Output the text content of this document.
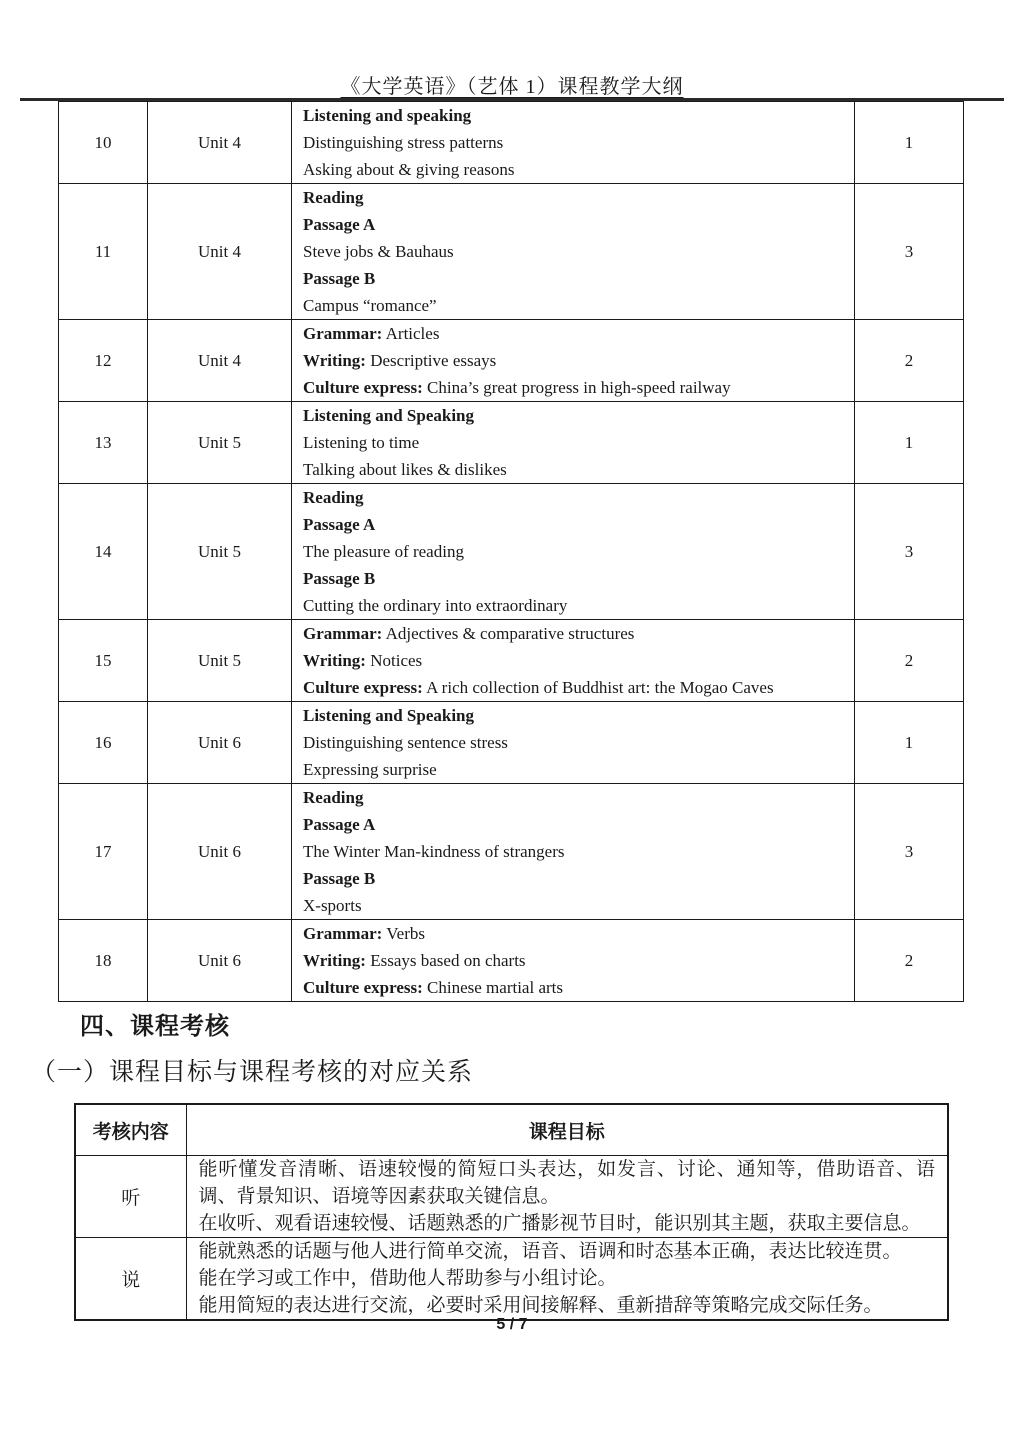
《大学英语》（艺体 1）课程教学大纲
10	Unit 4	Listening and speaking
Distinguishing stress patterns
Asking about & giving reasons	1
11	Unit 4	Reading
Passage A
Steve jobs & Bauhaus
Passage B
Campus “romance”	3
12	Unit 4	Grammar: Articles
Writing: Descriptive essays
Culture express: China’s great progress in high-speed railway	2
13	Unit 5	Listening and Speaking
Listening to time
Talking about likes & dislikes	1
14	Unit 5	Reading
Passage A
The pleasure of reading
Passage B
Cutting the ordinary into extraordinary	3
15	Unit 5	Grammar: Adjectives & comparative structures
Writing: Notices
Culture express: A rich collection of Buddhist art: the Mogao Caves	2
16	Unit 6	Listening and Speaking
Distinguishing sentence stress
Expressing surprise	1
17	Unit 6	Reading
Passage A
The Winter Man-kindness of strangers
Passage B
X-sports	3
18	Unit 6	Grammar: Verbs
Writing: Essays based on charts
Culture express: Chinese martial arts	2
四、课程考核
（一）课程目标与课程考核的对应关系
考核内容	课程目标
听	能听懂发音清晰、语速较慢的简短口头表达，如发言、讨论、通知等，借助语音、语调、背景知识、语境等因素获取关键信息。
在收听、观看语速较慢、话题熟悉的广播影视节目时，能识别其主题，获取主要信息。

说	能就熟悉的话题与他人进行简单交流，语音、语调和时态基本正确，表达比较连贯。
能在学习或工作中，借助他人帮助参与小组讨论。
能用简短的表达进行交流，必要时采用间接解释、重新措辞等策略完成交际任务。
5 / 7
